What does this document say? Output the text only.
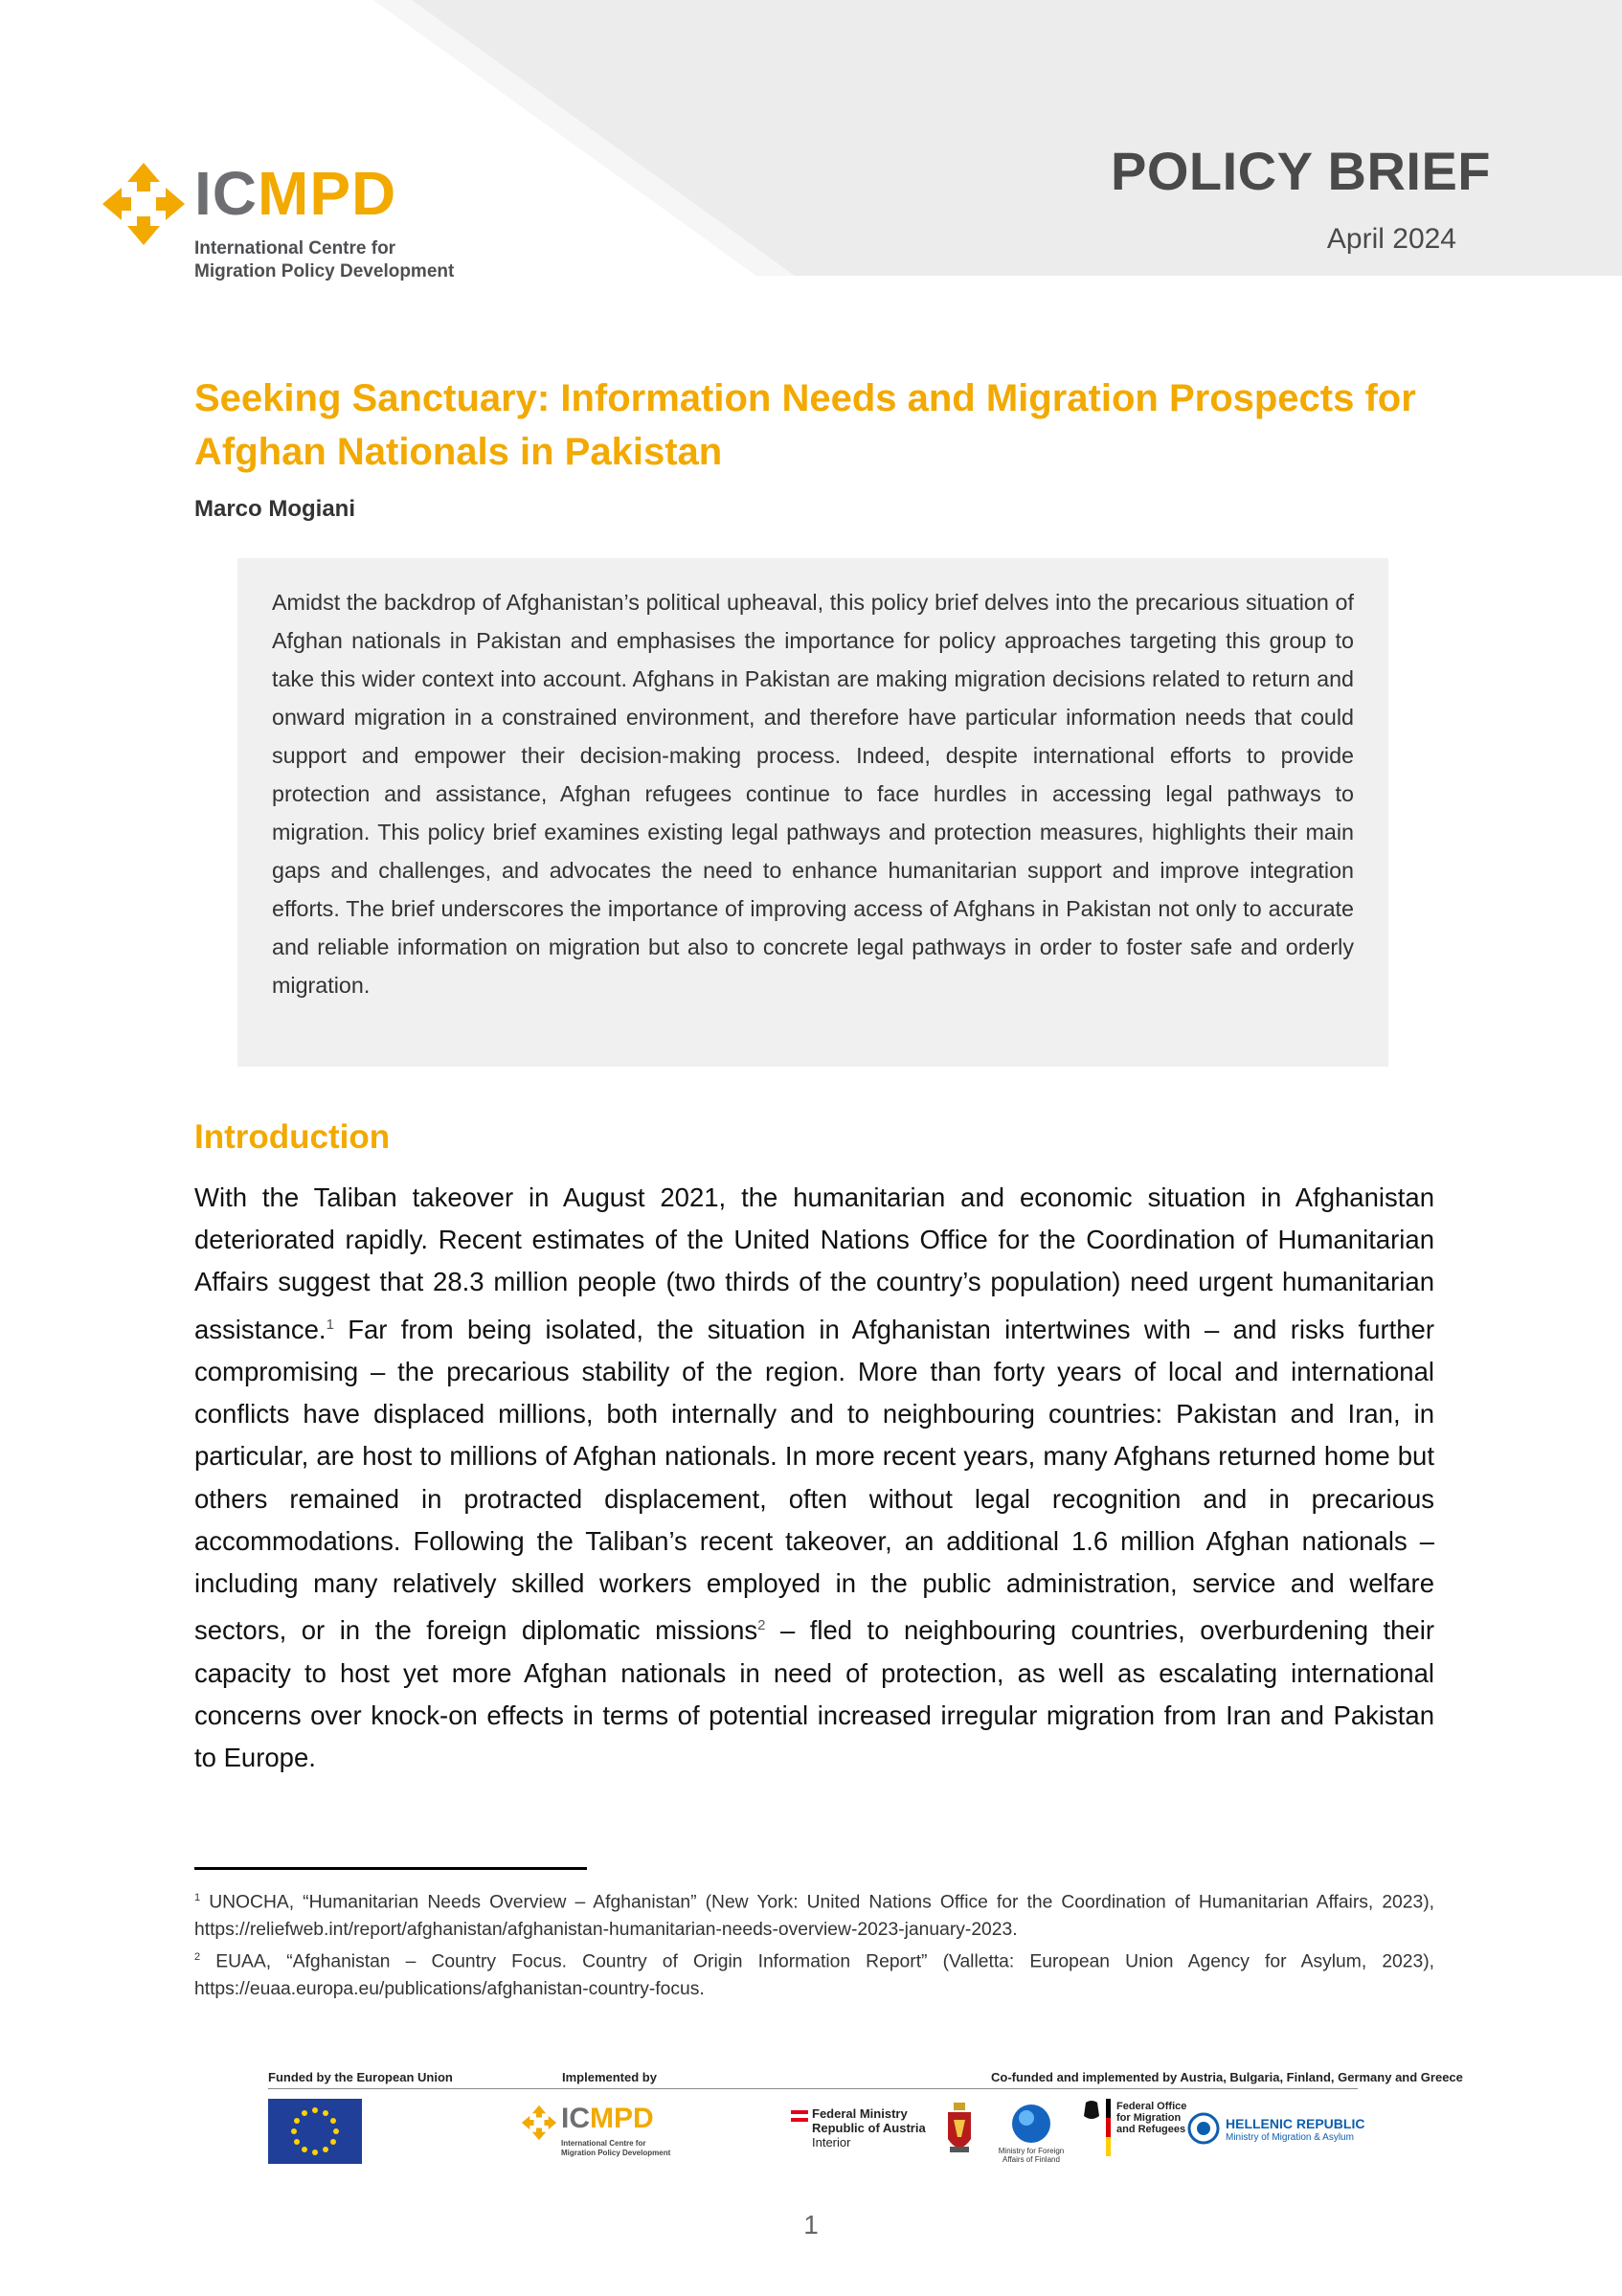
ICMPD
International Centre for
Migration Policy Development
POLICY BRIEF
April 2024
Seeking Sanctuary: Information Needs and Migration Prospects for Afghan Nationals in Pakistan
Marco Mogiani

Amidst the backdrop of Afghanistan’s political upheaval, this policy brief delves into the precarious situation of Afghan nationals in Pakistan and emphasises the importance for policy approaches targeting this group to take this wider context into account. Afghans in Pakistan are making migration decisions related to return and onward migration in a constrained environment, and therefore have particular information needs that could support and empower their decision-making process. Indeed, despite international efforts to provide protection and assistance, Afghan refugees continue to face hurdles in accessing legal pathways to migration. This policy brief examines existing legal pathways and protection measures, highlights their main gaps and challenges, and advocates the need to enhance humanitarian support and improve integration efforts. The brief underscores the importance of improving access of Afghans in Pakistan not only to accurate and reliable information on migration but also to concrete legal pathways in order to foster safe and orderly migration.

Introduction

With the Taliban takeover in August 2021, the humanitarian and economic situation in Afghanistan deteriorated rapidly. Recent estimates of the United Nations Office for the Coordination of Humanitarian Affairs suggest that 28.3 million people (two thirds of the country’s population) need urgent humanitarian assistance.$^1$ Far from being isolated, the situation in Afghanistan intertwines with – and risks further compromising – the precarious stability of the region. More than forty years of local and international conflicts have displaced millions, both internally and to neighbouring countries: Pakistan and Iran, in particular, are host to millions of Afghan nationals. In more recent years, many Afghans returned home but others remained in protracted displacement, often without legal recognition and in precarious accommodations. Following the Taliban’s recent takeover, an additional 1.6 million Afghan nationals – including many relatively skilled workers employed in the public administration, service and welfare sectors, or in the foreign diplomatic missions$^2$ – fled to neighbouring countries, overburdening their capacity to host yet more Afghan nationals in need of protection, as well as escalating international concerns over knock-on effects in terms of potential increased irregular migration from Iran and Pakistan to Europe.

$^1$ UNOCHA, “Humanitarian Needs Overview – Afghanistan” (New York: United Nations Office for the Coordination of Humanitarian Affairs, 2023), https://reliefweb.int/report/afghanistan/afghanistan-humanitarian-needs-overview-2023-january-2023.

$^2$ EUAA, “Afghanistan – Country Focus. Country of Origin Information Report” (Valletta: European Union Agency for Asylum, 2023), https://euaa.europa.eu/publications/afghanistan-country-focus.

Funded by the European Union	Implemented by	Co-funded and implemented by Austria, Bulgaria, Finland, Germany and Greece
ICMPD
International Centre for
Migration Policy Development
Federal Ministry
Republic of Austria
Interior
Ministry for Foreign
Affairs of Finland
Federal Office
for Migration
and Refugees	HELLENIC REPUBLIC
Ministry of Migration & Asylum
1
